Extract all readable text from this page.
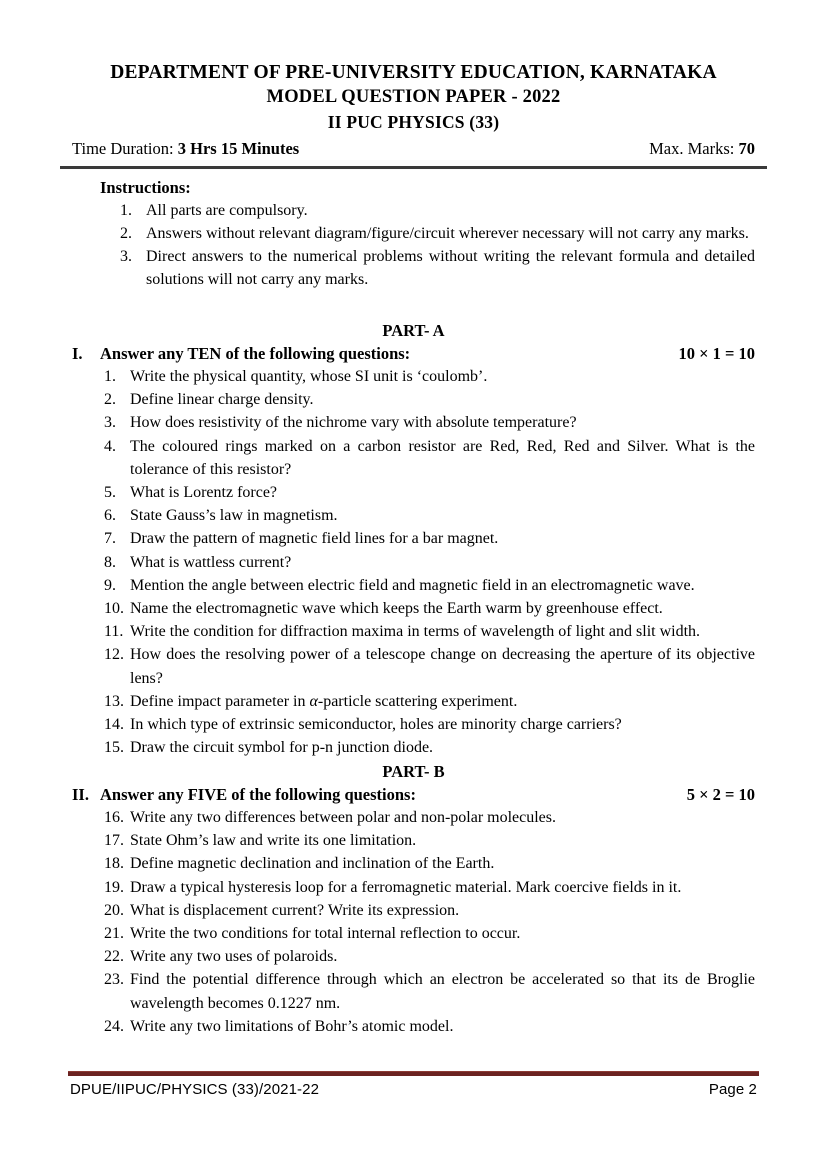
DEPARTMENT OF PRE-UNIVERSITY EDUCATION, KARNATAKA
MODEL QUESTION PAPER - 2022
II PUC PHYSICS (33)
Time Duration: 3 Hrs 15 Minutes	Max. Marks: 70
Instructions:
1. All parts are compulsory.
2. Answers without relevant diagram/figure/circuit wherever necessary will not carry any marks.
3. Direct answers to the numerical problems without writing the relevant formula and detailed solutions will not carry any marks.
PART- A
I.	Answer any TEN of the following questions:	10 × 1 = 10
1. Write the physical quantity, whose SI unit is ‘coulomb’.
2. Define linear charge density.
3. How does resistivity of the nichrome vary with absolute temperature?
4. The coloured rings marked on a carbon resistor are Red, Red, Red and Silver. What is the tolerance of this resistor?
5. What is Lorentz force?
6. State Gauss’s law in magnetism.
7. Draw the pattern of magnetic field lines for a bar magnet.
8. What is wattless current?
9. Mention the angle between electric field and magnetic field in an electromagnetic wave.
10. Name the electromagnetic wave which keeps the Earth warm by greenhouse effect.
11. Write the condition for diffraction maxima in terms of wavelength of light and slit width.
12. How does the resolving power of a telescope change on decreasing the aperture of its objective lens?
13. Define impact parameter in α-particle scattering experiment.
14. In which type of extrinsic semiconductor, holes are minority charge carriers?
15. Draw the circuit symbol for p-n junction diode.
PART- B
II. Answer any FIVE of the following questions:	5 × 2 = 10
16. Write any two differences between polar and non-polar molecules.
17. State Ohm’s law and write its one limitation.
18. Define magnetic declination and inclination of the Earth.
19. Draw a typical hysteresis loop for a ferromagnetic material. Mark coercive fields in it.
20. What is displacement current? Write its expression.
21. Write the two conditions for total internal reflection to occur.
22. Write any two uses of polaroids.
23. Find the potential difference through which an electron be accelerated so that its de Broglie wavelength becomes 0.1227 nm.
24. Write any two limitations of Bohr’s atomic model.
DPUE/IIPUC/PHYSICS (33)/2021-22	Page 2
